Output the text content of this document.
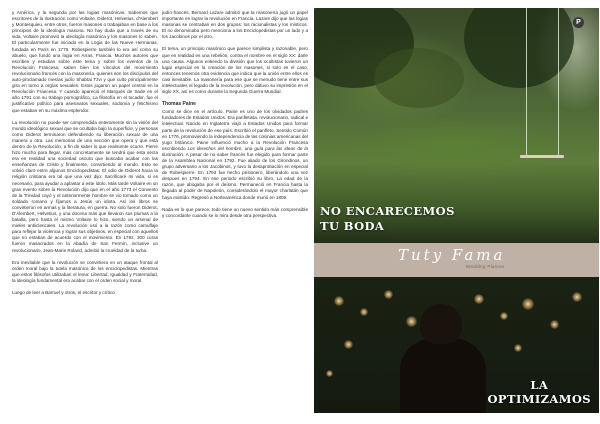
y América, y la segunda por las logias masónicas. Sabemos que escritores de la Ilustración como Voltaire, Diderot, Helvetius, d'Alembert y Montesquieu, entre otros, fueron masones o trabajaban en base a los principios de la ideología masona. No hay duda que a través de su vida, Voltaire promovió la ideología masónica y los masones lo saben. El particularmente fue iniciado en la Logia de las Nueve Hermanas, fundada en París en 1776. Robespierre también lo era así como su abuelo, que fundó una logia en Arras, Francia. Muchos autores que escriben y estudian sobre este tema y sobre los eventos de la Revolución Francesa, saben bien los vínculos del movimiento revolucionario francés con la masonería, quienes son los discípulos del auto-proclamado mesías judío Shabtai Tzvi y que culto principalmente gira en torno a orgías sexuales. Estos jugaron un papel central en la Revolución Francesa. Y cuando apareció el Marqués de Sade en el año 1791 con su trabajo pornográfico, La filosofía en el tocador, fue el justificativo político para asesinatos sexuales, sodomía y fetichismo que estaban en su máximo esplendor.

La revolución no puede ser comprendida enteramente sin la visión del mundo ideológico sexual que se ocultaba bajo la superficie, y personas como Diderot terminaron defendiendo su liberación sexual de una manera u otra. Las memorias de una sección que opera y que está dentro de la Revolución, a fin de saber lo que realmente ocurre. Pierre hizo mucho para llegar, más concretamente se tendrá que esta secta era en realidad una sociedad oscura que buscaba acabar con las enseñanzas de Cristo y finalmente, convirtiendo al mundo. Esto se volvió claro entre algunos Enciclopedistas. El odio de Diderot hacia la religión cristiana era tal que una vez dijo: Sacrificaré mi vida, si es necesario, para ayudar a aplastar a este ídolo. Más tarde Voltaire en un gran evento sobre la Revolución dijo que en el año 1773 el Convento de la Trinidad cayó y el anteriormente hombre se vio tomado como un soldado romano y fijamos a Jesús un idiota. Así los libros se convirtieron en armas y la literatura, en guerra. No solo fueron Diderot, D'Alembert, Helvetius, y una docena más que llevaron sus plumas a la batalla, pero hasta el mismo Voltaire lo hizo, siendo un arsenal de mieles antiiclericales. La revolución usó a la razón como camuflaje para reflejar la violencia y lograr sus objetivos, en especial con aquellos que no estaban de acuerdo con el movimiento. En 1792, 300 curas fueron masacrados en la Abadía de San Fermín, inclusive un revolucionario, Jean-Marie Roland, admitió la crueldad de la turba.

Era inevitable que la revolución se convirtiera en un ataque frontal al orden moral bajo la tutela masónica de los enciclopedistas. Mientras que estos filósofos utilizaban el lema: Libertad, Igualdad y Fraternidad, la ideología fundamental era acabar con el orden social y moral.

Luego de leer a Barruel y otros, el escritor y crítico

judío-francés, Bernard Lazare admitió que la masonería jugó un papel importante en lograr la revolución en Francia. Lazare dijo que las logias masonas se centraban en dos grupos: los racionalistas y los místicos. El no denominaba pero menciona a los Enciclopedistas por un lado y a los Jacobinos por el otro.

El tema, un principio masónico que parece simplista y razonable, pero que en realidad es una rebelión, contra el nombre en el siglo XX: darle una causa. Algunos entiendo la división que los ocultistas tuvieron un lugar especial en la creación de los masones, si solo es el caso, entonces tenemos otra evidencia que indica que la unión entre ellos es casi inevitable. La masonería para ese que se menudo tiene entre sus intelectuales el legado de la revolución, pero dátuvo su impresión en el siglo XX, así es como durante la Segunda Guerra Mundial.

Thomas Paine

Como se dice en el artículo, Paine es uno de los olvidados padres fundadores de Estados Unidos. Era panfletista, revolucionario, radical e intelectual. Nacido en Inglaterra viajó a Estados Unidos para formar parte de la revolución de ese país. Escribió el panfleto, Sentido Común en 1776, promoviendo la independencia de las colonias americanas del yugo británico. Paine influenció mucho a la Revolución Francesa escribiendo Los derechos del hombre, una guía para las ideas de la Ilustración. A pesar de no saber francés fue elegido para formar parte de la Asamblea Nacional en 1792. Fue aliado de los Girondinos, un grupo adversario a los Jacobinos, y tuvo la desaprobación en especial de Robespierre. En 1793 fue hecho prisionero, liberándolo una vez despues en 1794. En ese periodo escribió su libro, La edad de la razón, que abogaba por el deísmo. Permaneció en Francia hasta la llegada al poder de Napoleón, considerándolo el mayor charlatán que haya existido. Regresó a Norteamérica donde murió en 1809.

Nada es lo que parece, todo tiene un nuevo sentido más comprensible y concordante cuando se lo mira desde otra perspectiva.

P
NO ENCARECEMOS
TU BODA
Tuty Fama
Wedding Planner
LA
OPTIMIZAMOS
